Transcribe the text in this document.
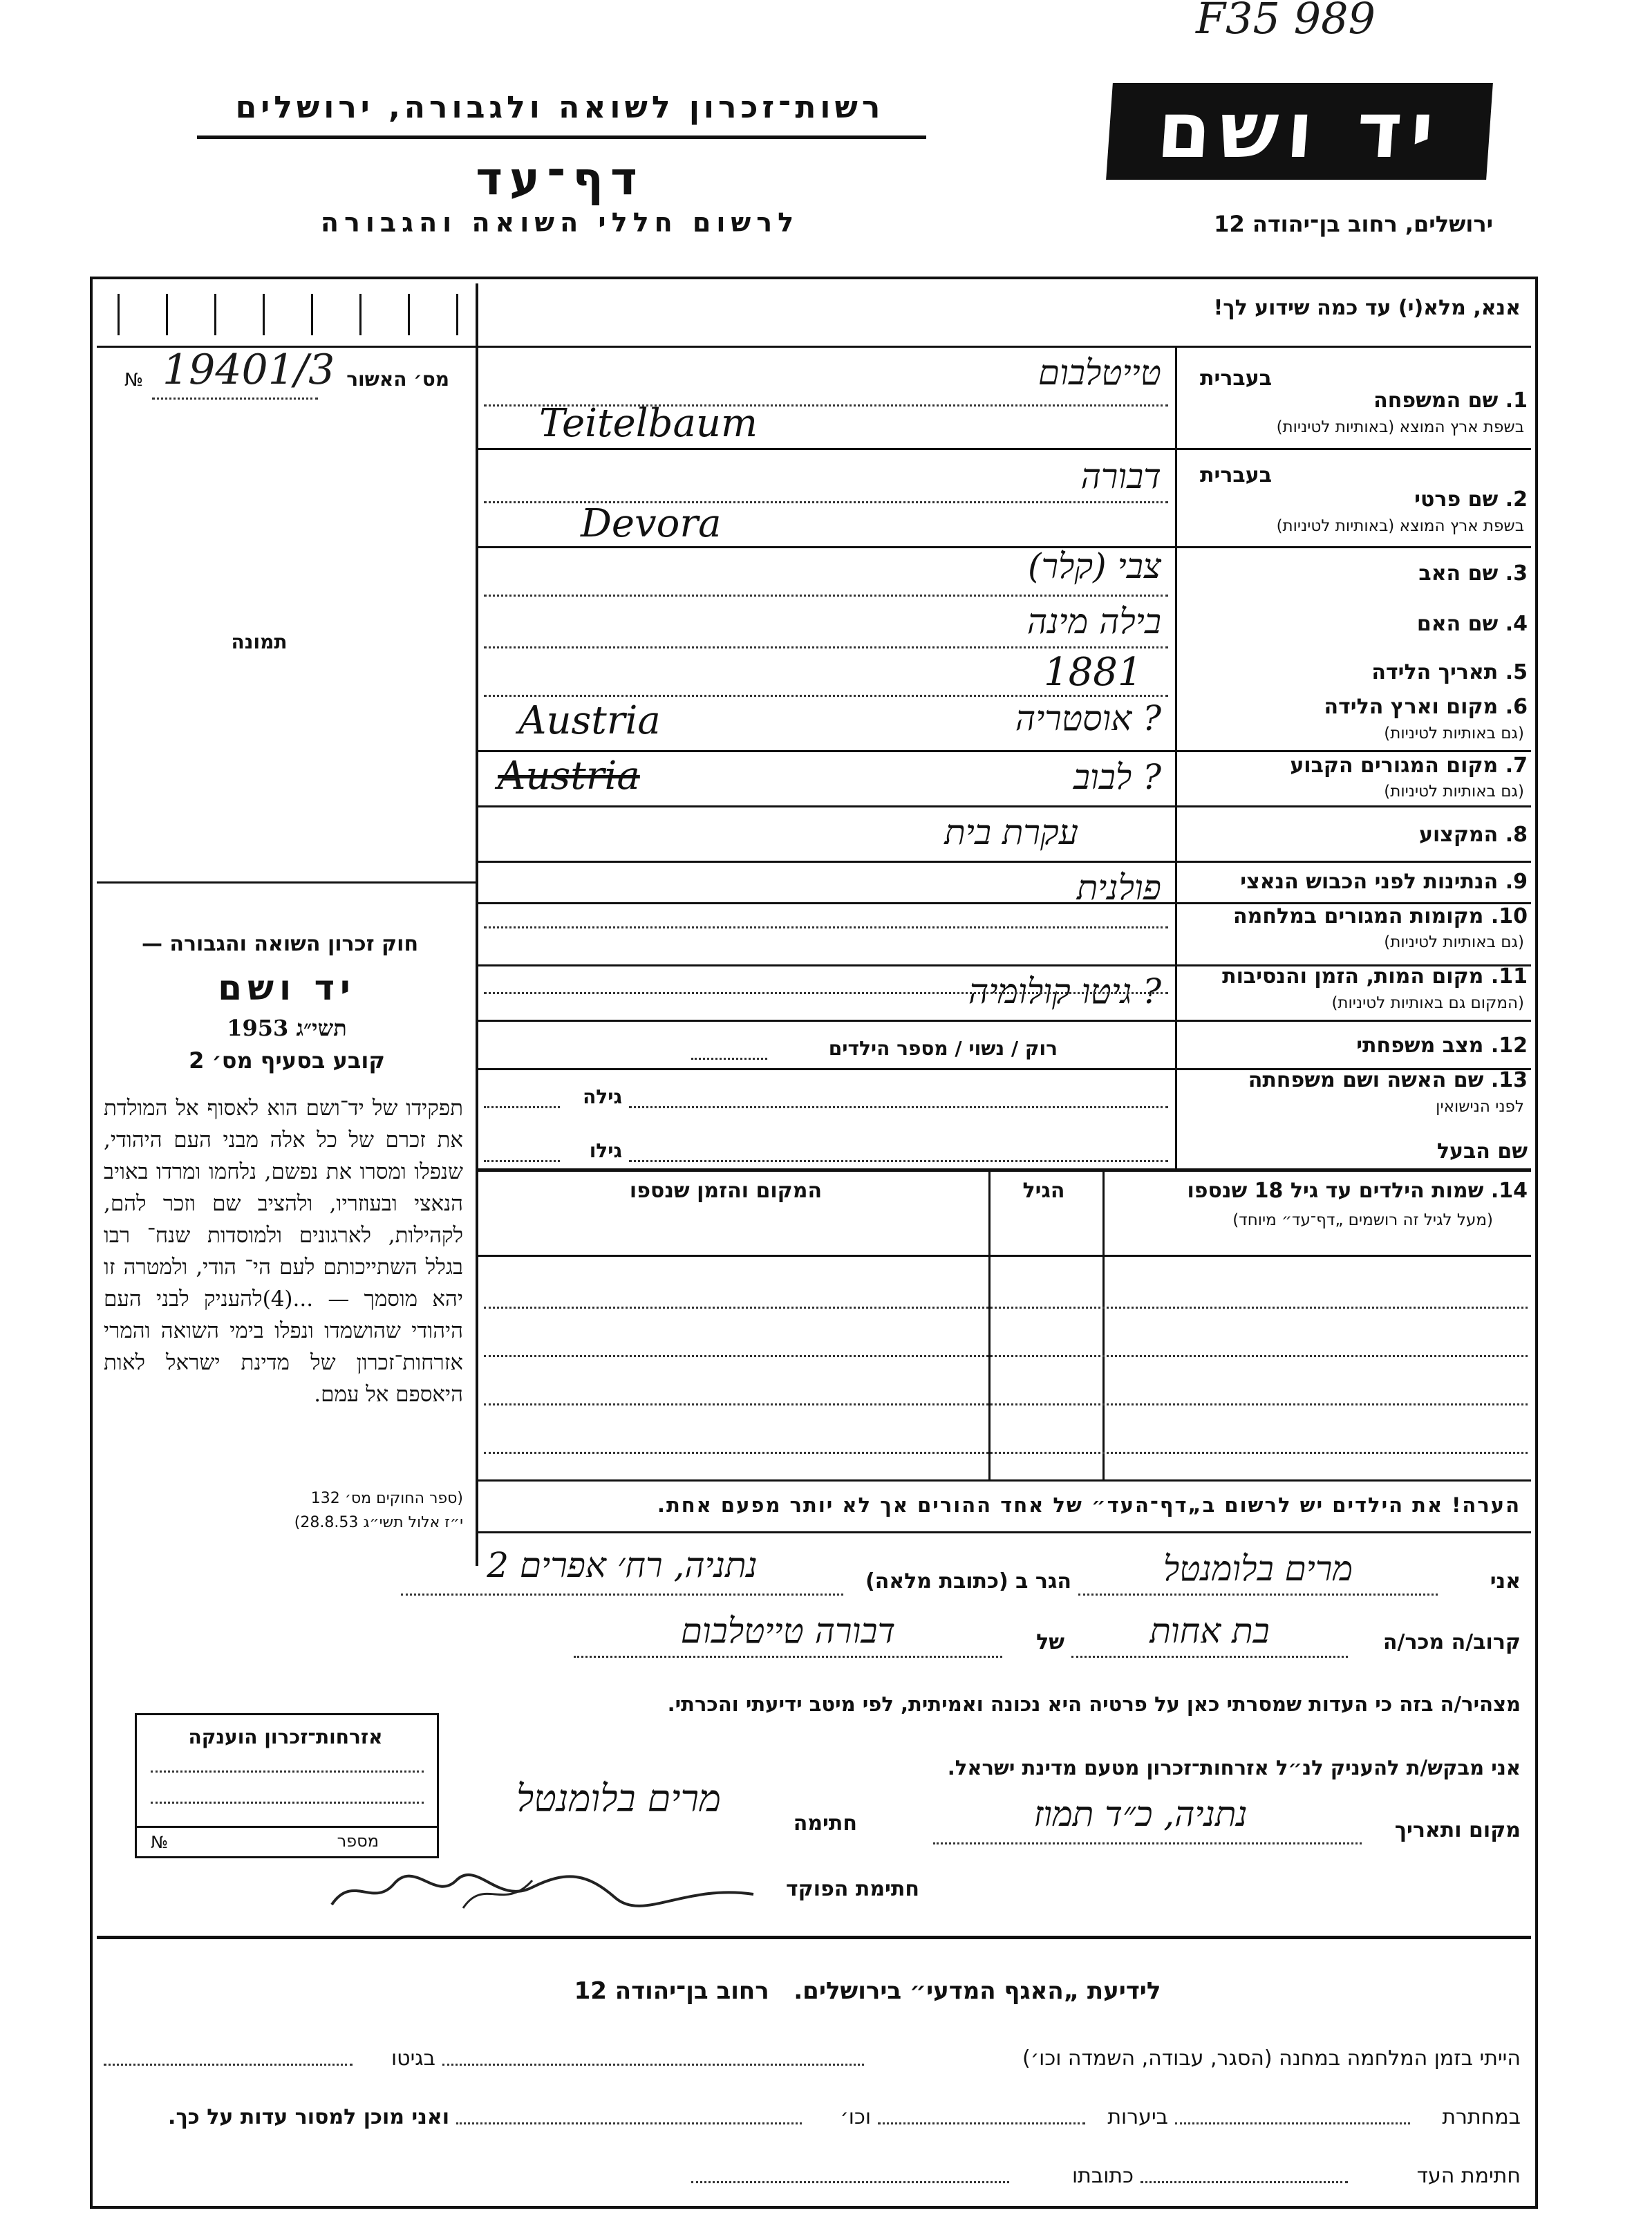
F35 989
רשות־זכרון לשואה ולגבורה, ירושלים
דף־עד
לרשום חללי השואה והגבורה
יד ושם
ירושלים, רחוב בן־יהודה 12
מס׳ האשור
№ 19401/3
תמונה
חוק זכרון השואה והגבורה —
יד ושם
תשי״ג 1953
קובע בסעיף מס׳ 2
תפקידו של יד־ושם הוא לאסוף אל המולדת את זכרם של כל אלה מבני העם היהודי, שנפלו ומסרו את נפשם, נלחמו ומרדו באויב הנאצי ובעוזריו, ולהציב שם וזכר להם, לקהילות, לארגונים ולמוסדות שנח־ רבו בגלל השתייכותם לעם הי־ הודי, ולמטרה זו יהא מוסמך — ...(4)להעניק לבני העם היהודי שהושמדו ונפלו בימי השואה והמרי אזרחות־זכרון של מדינת ישראל לאות היאספם אל עמם.
(ספר החוקים מס׳ 132
י״ז אלול תשי״ג 28.8.53)
אנא, מלא(י) עד כמה שידוע לך!
בעברית
1. שם המשפחה
בשפת ארץ המוצא (באותיות לטיניות)
טייטלבום
Teitelbaum
בעברית
2. שם פרטי
בשפת ארץ המוצא (באותיות לטיניות)
דבורה
Devora
3. שם האב
צבי (קלר)
4. שם האם
בילה מינה
5. תאריך הלידה
1881
6. מקום וארץ הלידה
(גם באותיות לטיניות)
Austria	? אוסטריה
7. מקום המגורים הקבוע
(גם באותיות לטיניות)
Austria	? לבוב
8. המקצוע
עקרת בית
9. הנתינות לפני הכבוש הנאצי
פולנית
10. מקומות המגורים במלחמה
(גם באותיות לטיניות)
11. מקום המות, הזמן והנסיבות
(המקום גם באותיות לטיניות)
? גיטו קולומיה
12. מצב משפחתי
רוק / נשוי / מספר הילדים
13. שם האשה ושם משפחתה
לפני הנישואין
גילה
שם הבעל
גילו
14. שמות הילדים עד גיל 18 שנספו
(מעל לגיל זה רושמים „דף־עד״ מיוחד)
הגיל
המקום והזמן שנספו
הערה! את הילדים יש לרשום ב„דף־העד״ של אחד ההורים אך לא יותר מפעם אחת.
אני
מרים בלומנטל
הגר ב (כתובת מלאה)
נתניה, רח׳ אפרים 2
קרוב/ה מכר/ה
בת אחות
של
דבורה טייטלבום
מצהיר/ה בזה כי העדות שמסרתי כאן על פרטיה היא נכונה ואמיתית, לפי מיטב ידיעתי והכרתי.
אני מבקש/ת להעניק לנ״ל אזרחות־זכרון מטעם מדינת ישראל.
אזרחות־זכרון הוענקה
מספר
№	מקום ותאריך
נתניה, כ״ד תמוז
חתימה
מרים בלומנטל
חתימת הפוקד
לידיעת „האגף המדעי״ בירושלים.   רחוב בן־יהודה 12
הייתי בזמן המלחמה במחנה (הסגר, עבודה, השמדה וכו׳)
בגיטו
במחתרת
ביערות
וכו׳
ואני מוכן למסור עדות על כך.
חתימת העד
כתובתו
